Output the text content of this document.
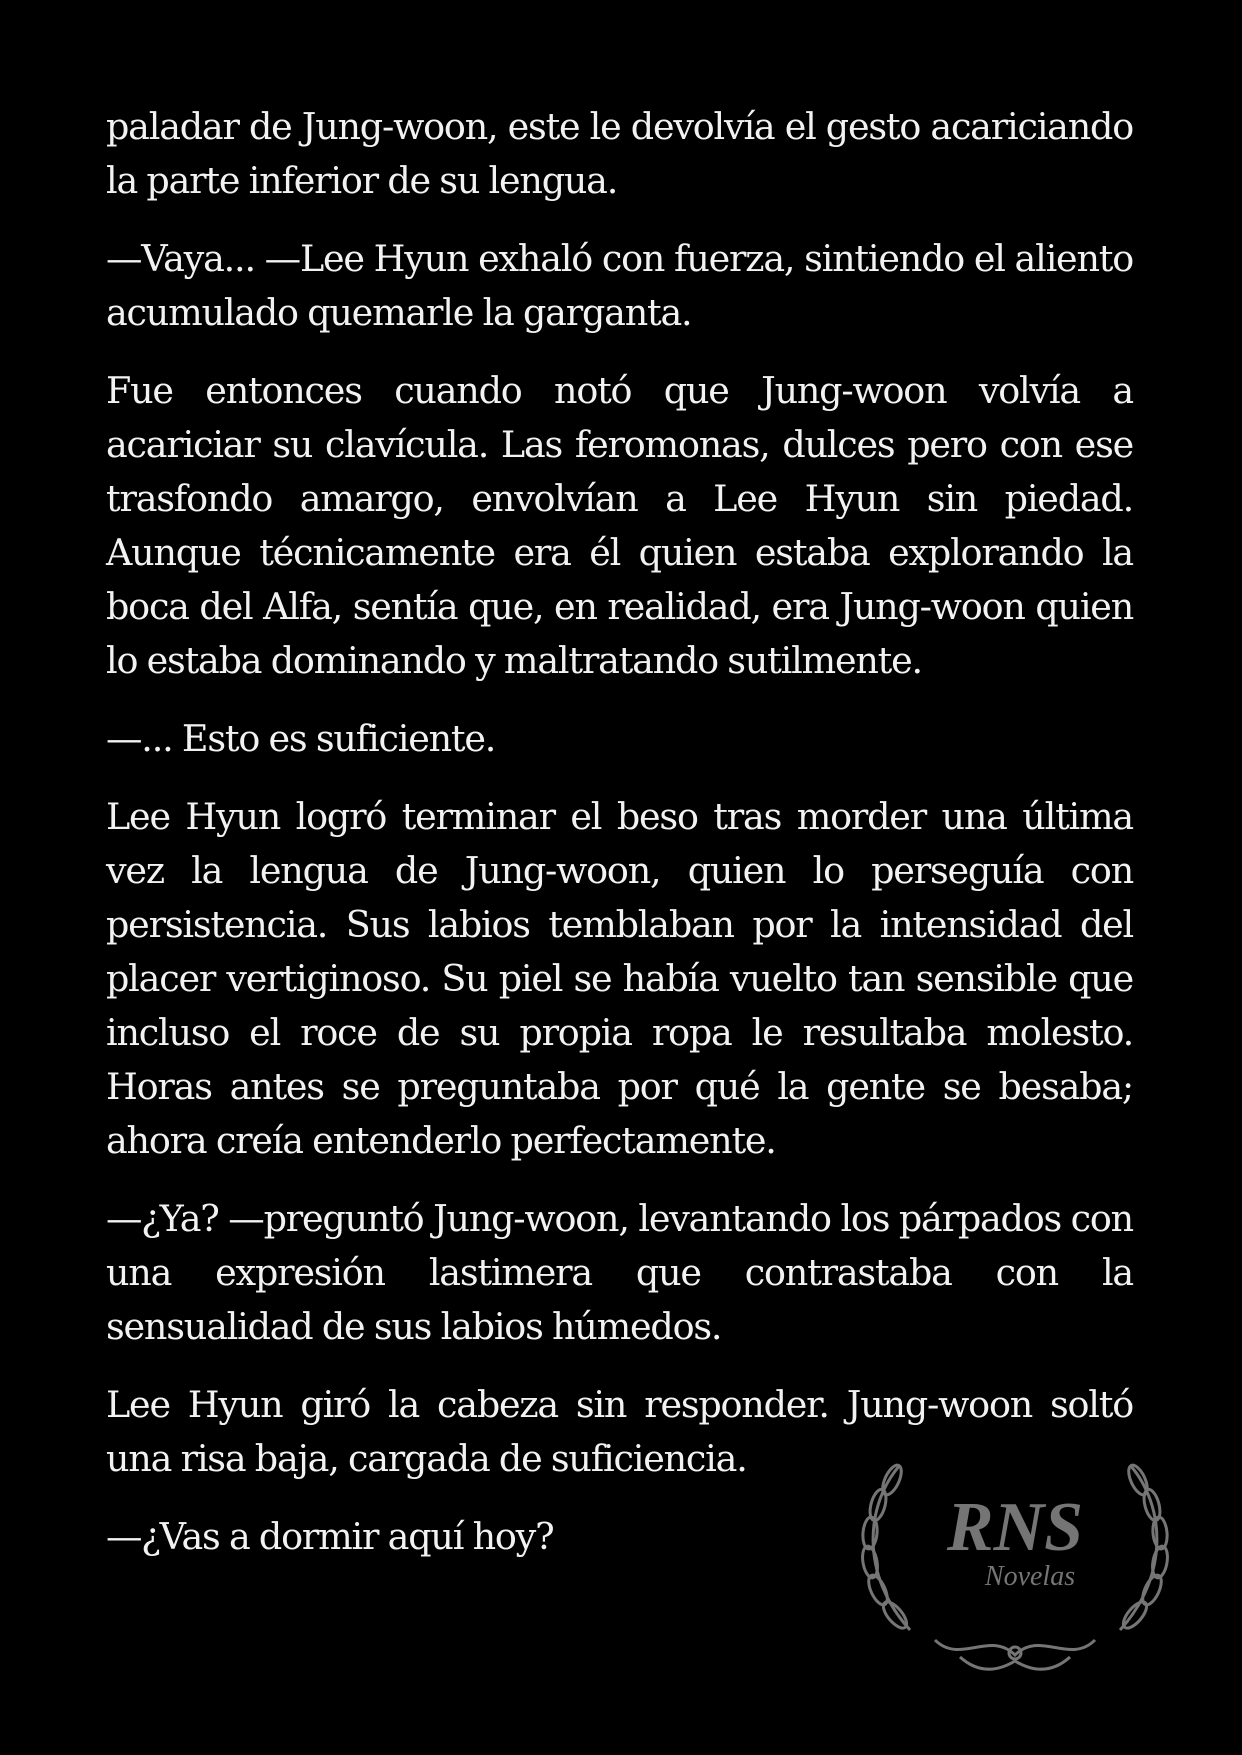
paladar de Jung-woon, este le devolvía el gesto acariciando la parte inferior de su lengua.

—Vaya... —Lee Hyun exhaló con fuerza, sintiendo el aliento acumulado quemarle la garganta.

Fue entonces cuando notó que Jung-woon volvía a acariciar su clavícula. Las feromonas, dulces pero con ese trasfondo amargo, envolvían a Lee Hyun sin piedad. Aunque técnicamente era él quien estaba explorando la boca del Alfa, sentía que, en realidad, era Jung-woon quien lo estaba dominando y maltratando sutilmente.

—... Esto es suficiente.

Lee Hyun logró terminar el beso tras morder una última vez la lengua de Jung-woon, quien lo perseguía con persistencia. Sus labios temblaban por la intensidad del placer vertiginoso. Su piel se había vuelto tan sensible que incluso el roce de su propia ropa le resultaba molesto. Horas antes se preguntaba por qué la gente se besaba; ahora creía entenderlo perfectamente.

—¿Ya? —preguntó Jung-woon, levantando los párpados con una expresión lastimera que contrastaba con la sensualidad de sus labios húmedos.

Lee Hyun giró la cabeza sin responder. Jung-woon soltó una risa baja, cargada de suficiencia.

—¿Vas a dormir aquí hoy?	RNS
Novelas
